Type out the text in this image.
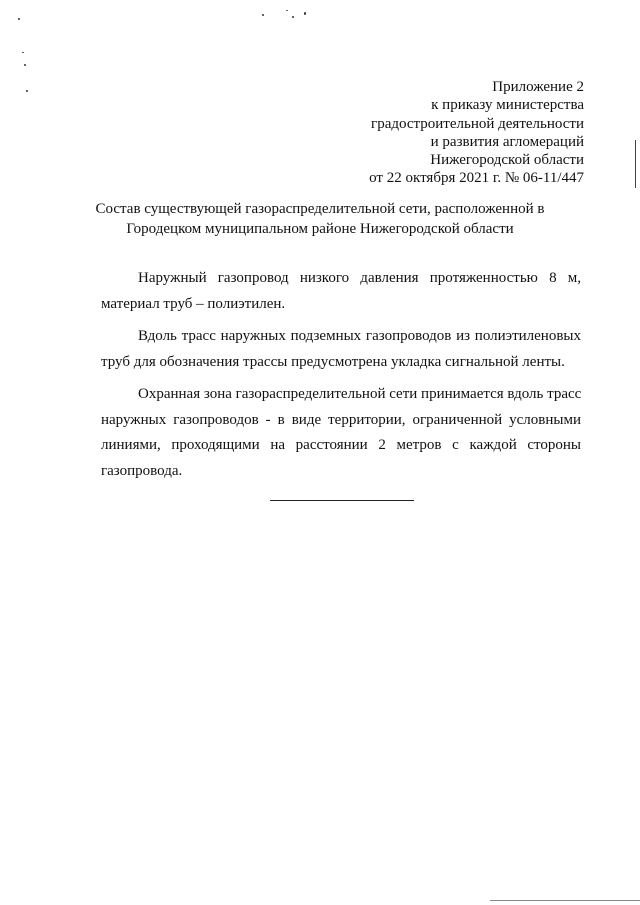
Приложение 2
к приказу министерства
градостроительной деятельности
и развития агломераций
Нижегородской области
от 22 октября 2021 г. № 06-11/447
Состав существующей газораспределительной сети, расположенной в
Городецком муниципальном районе Нижегородской области
Наружный газопровод низкого давления протяженностью 8 м,
материал труб – полиэтилен.
Вдоль трасс наружных подземных газопроводов из полиэтиленовых
труб для обозначения трассы предусмотрена укладка сигнальной ленты.
Охранная зона газораспределительной сети принимается вдоль трасс
наружных газопроводов - в виде территории, ограниченной условными
линиями, проходящими на расстоянии 2 метров с каждой стороны
газопровода.
